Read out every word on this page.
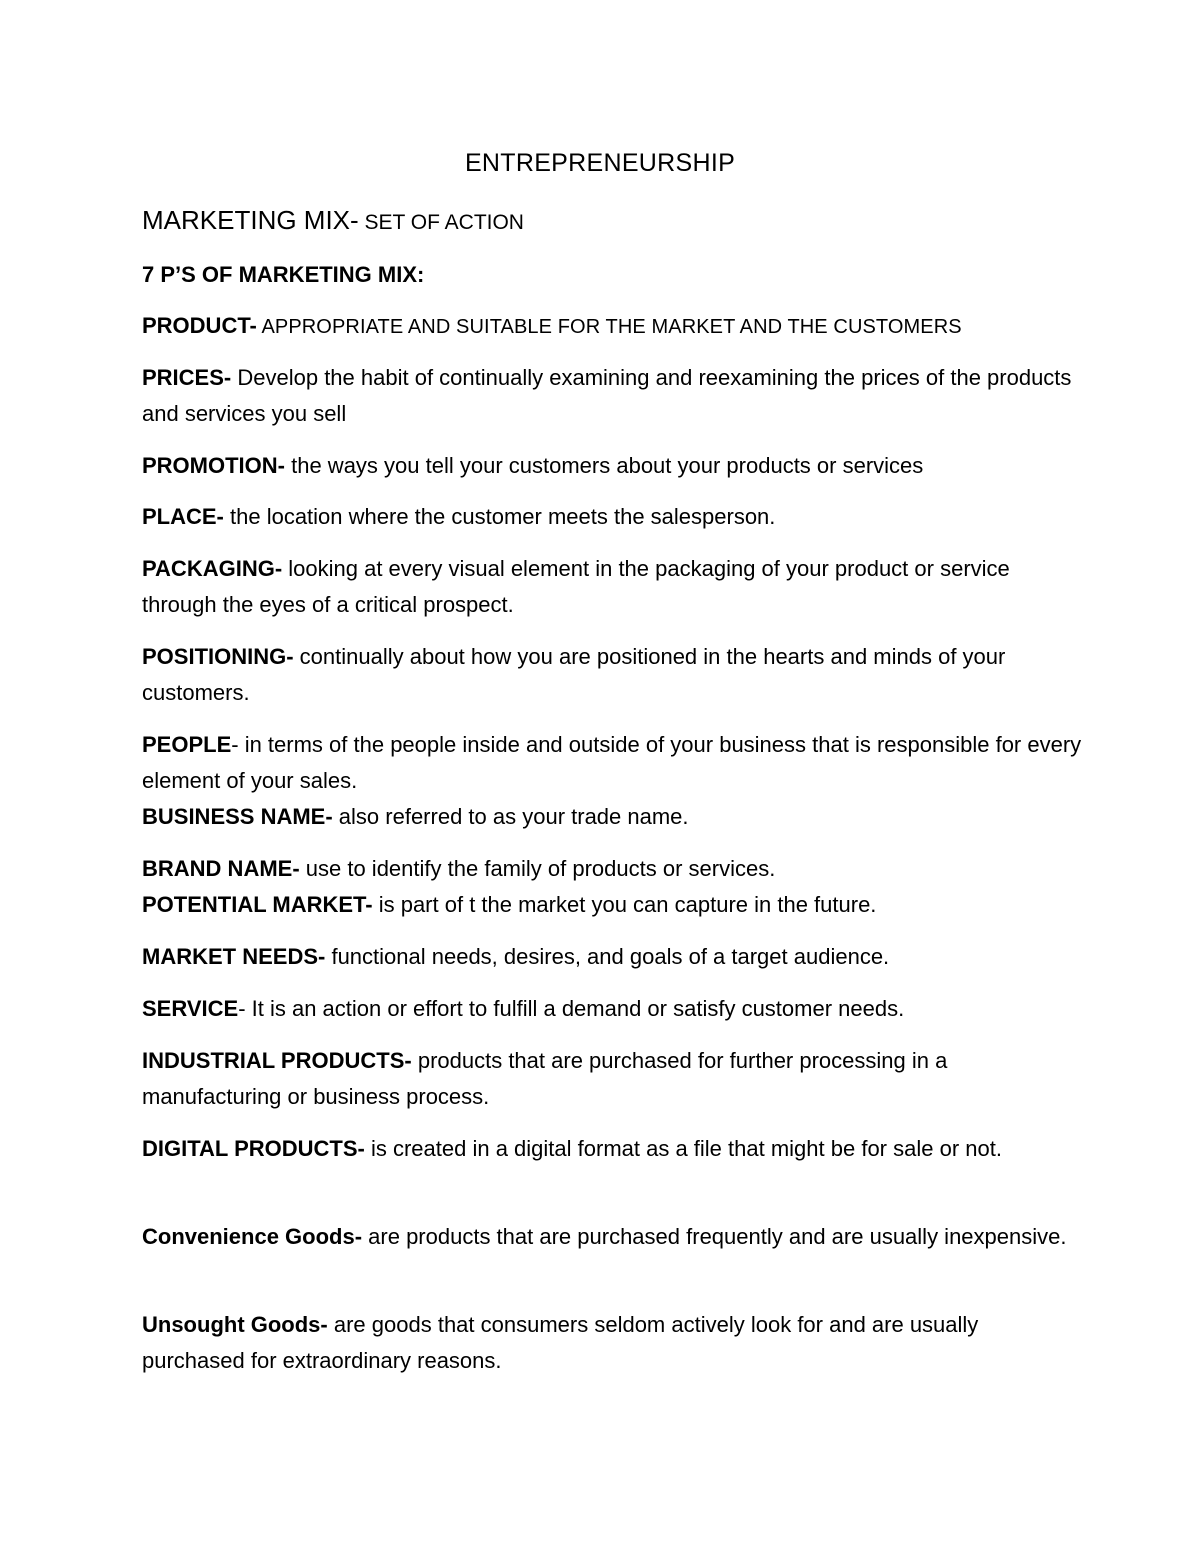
ENTREPRENEURSHIP
MARKETING MIX- SET OF ACTION
7 P’S OF MARKETING MIX:
PRODUCT- APPROPRIATE AND SUITABLE FOR THE MARKET AND THE CUSTOMERS
PRICES- Develop the habit of continually examining and reexamining the prices of the products and services you sell
PROMOTION- the ways you tell your customers about your products or services
PLACE- the location where the customer meets the salesperson.
PACKAGING- looking at every visual element in the packaging of your product or service through the eyes of a critical prospect.
POSITIONING- continually about how you are positioned in the hearts and minds of your customers.
PEOPLE- in terms of the people inside and outside of your business that is responsible for every element of your sales.
BUSINESS NAME- also referred to as your trade name.
BRAND NAME- use to identify the family of products or services.
POTENTIAL MARKET- is part of t the market you can capture in the future.
MARKET NEEDS- functional needs, desires, and goals of a target audience.
SERVICE- It is an action or effort to fulfill a demand or satisfy customer needs.
INDUSTRIAL PRODUCTS- products that are purchased for further processing in a manufacturing or business process.
DIGITAL PRODUCTS- is created in a digital format as a file that might be for sale or not.
Convenience Goods- are products that are purchased frequently and are usually inexpensive.
Unsought Goods- are goods that consumers seldom actively look for and are usually purchased for extraordinary reasons.
